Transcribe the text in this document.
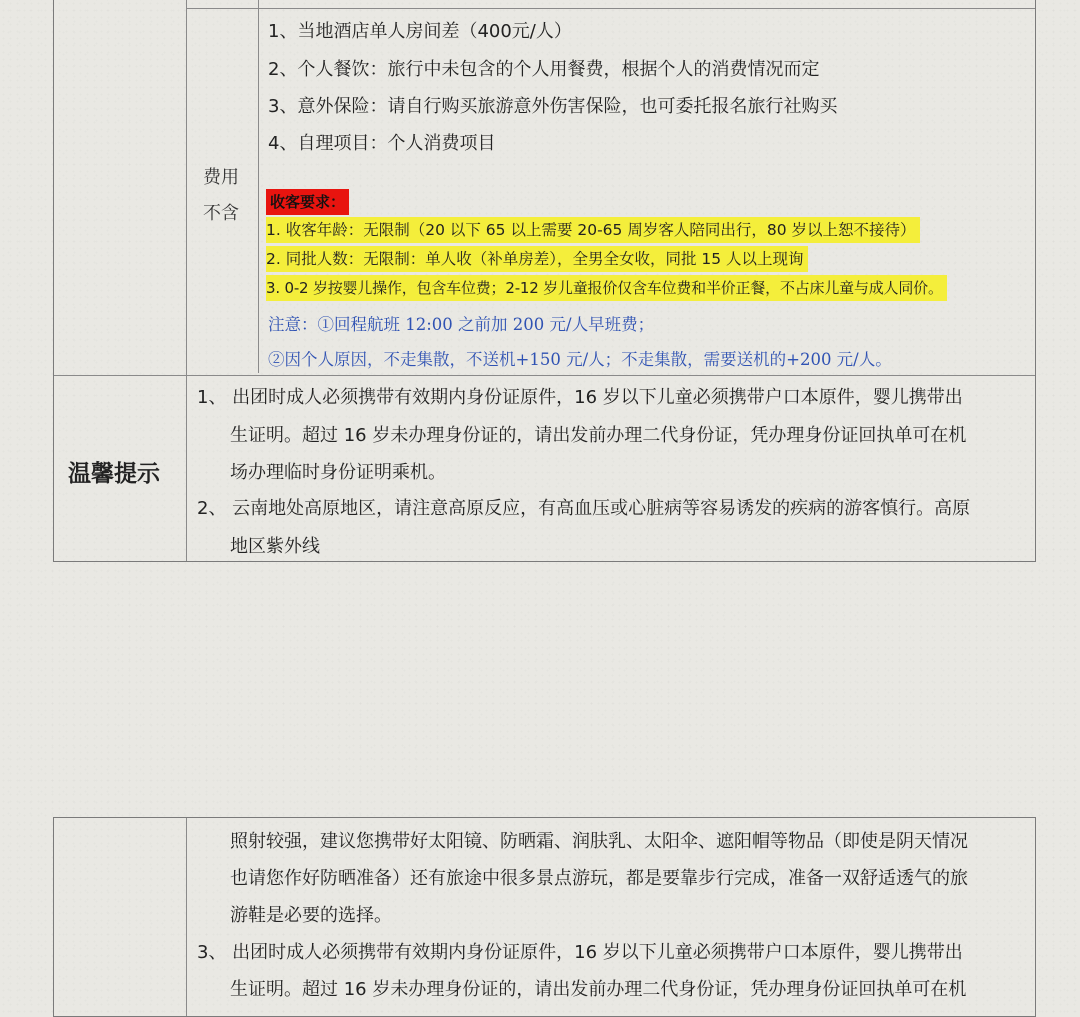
费用
不含
1、当地酒店单人房间差（400元/人）
2、个人餐饮：旅行中未包含的个人用餐费，根据个人的消费情况而定
3、意外保险：请自行购买旅游意外伤害保险，也可委托报名旅行社购买
4、自理项目：个人消费项目
收客要求：
1. 收客年龄：无限制（20 以下 65 以上需要 20-65 周岁客人陪同出行，80 岁以上恕不接待）
2. 同批人数：无限制：单人收（补单房差），全男全女收，同批 15 人以上现询
3. 0-2 岁按婴儿操作，包含车位费；2-12 岁儿童报价仅含车位费和半价正餐，不占床儿童与成人同价。
注意：①回程航班 12:00 之前加 200 元/人早班费；
②因个人原因，不走集散，不送机+150 元/人；不走集散，需要送机的+200 元/人。
温馨提示
1、 出团时成人必须携带有效期内身份证原件，16 岁以下儿童必须携带户口本原件，婴儿携带出
生证明。超过 16 岁未办理身份证的，请出发前办理二代身份证，凭办理身份证回执单可在机
场办理临时身份证明乘机。
2、 云南地处高原地区，请注意高原反应，有高血压或心脏病等容易诱发的疾病的游客慎行。高原
地区紫外线
照射较强，建议您携带好太阳镜、防晒霜、润肤乳、太阳伞、遮阳帽等物品（即使是阴天情况
也请您作好防晒准备）还有旅途中很多景点游玩，都是要靠步行完成，准备一双舒适透气的旅
游鞋是必要的选择。
3、 出团时成人必须携带有效期内身份证原件，16 岁以下儿童必须携带户口本原件，婴儿携带出
生证明。超过 16 岁未办理身份证的，请出发前办理二代身份证，凭办理身份证回执单可在机
